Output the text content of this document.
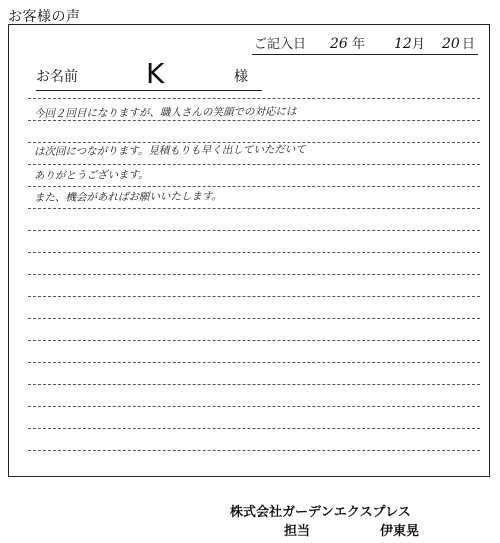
お客様の声
ご記入日 26 年 12 月 20 日
お名前 K	様
今回２回目になりますが、職人さんの笑顔での対応には
は次回につながります。見積もりも早く出していただいて
ありがとうございます。
また、機会があればお願いいたします。
株式会社ガーデンエクスプレス
担当	伊東晃
